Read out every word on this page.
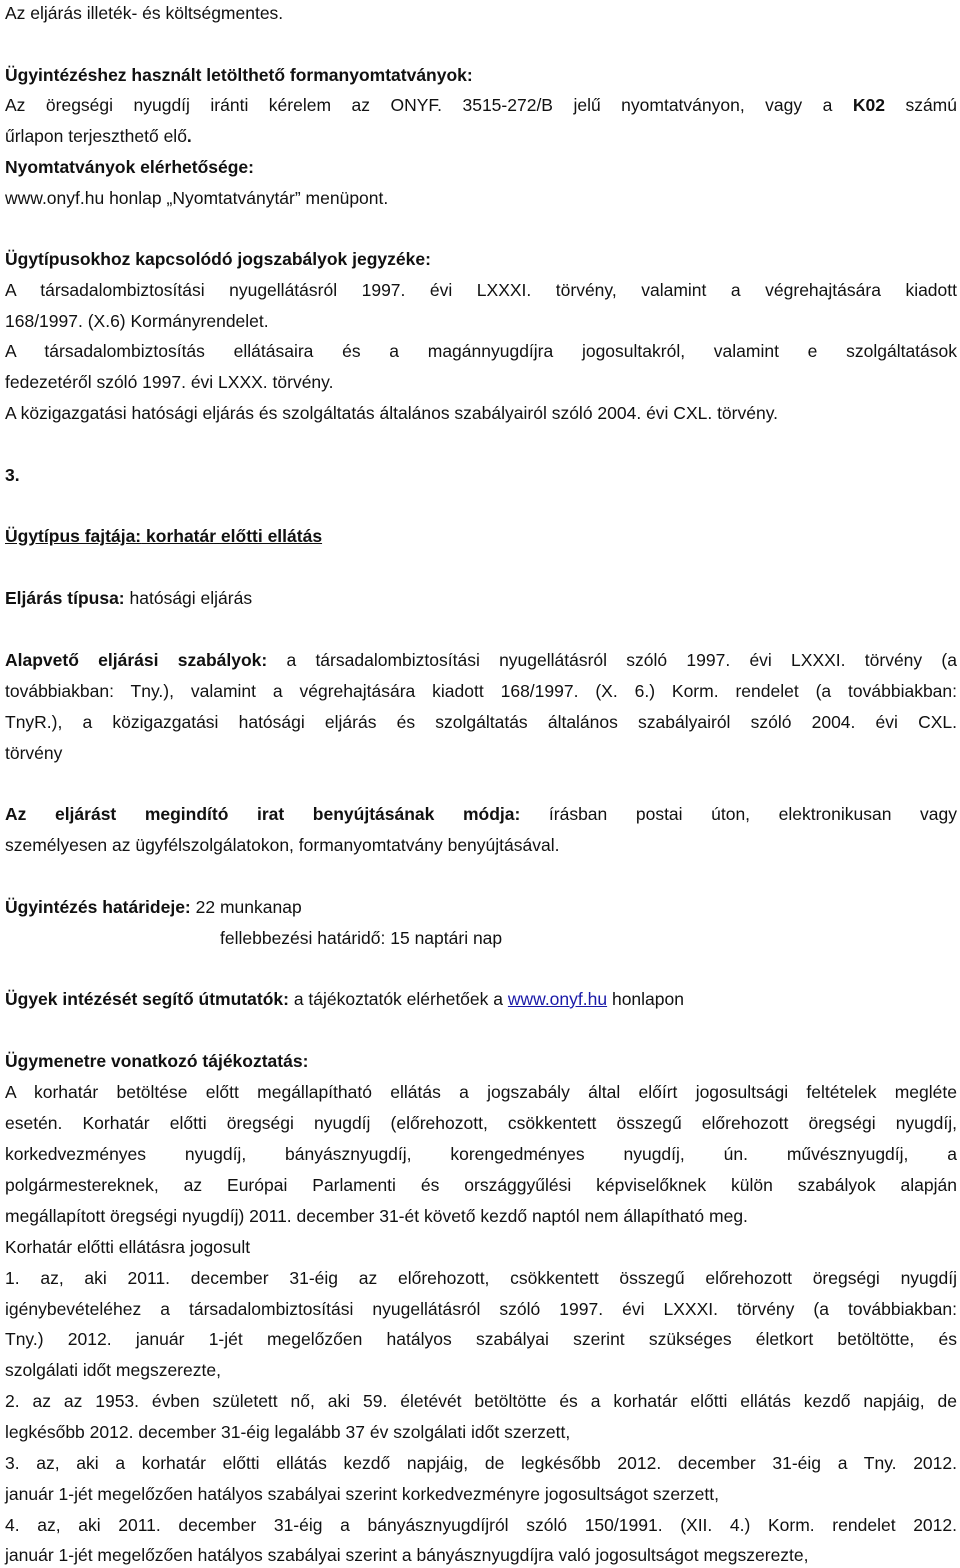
Az eljárás illeték- és költségmentes.
Ügyintézéshez használt letölthető formanyomtatványok:
Az öregségi nyugdíj iránti kérelem az ONYF. 3515-272/B jelű nyomtatványon, vagy a K02 számú
űrlapon terjeszthető elő.
Nyomtatványok elérhetősége:
www.onyf.hu honlap „Nyomtatványtár” menüpont.
Ügytípusokhoz kapcsolódó jogszabályok jegyzéke:
A társadalombiztosítási nyugellátásról 1997. évi LXXXI. törvény, valamint a végrehajtására kiadott
168/1997. (X.6) Kormányrendelet.
A társadalombiztosítás ellátásaira és a magánnyugdíjra jogosultakról, valamint e szolgáltatások
fedezetéről szóló 1997. évi LXXX. törvény.
A közigazgatási hatósági eljárás és szolgáltatás általános szabályairól szóló 2004. évi CXL. törvény.
3.
Ügytípus fajtája: korhatár előtti ellátás
Eljárás típusa: hatósági eljárás
Alapvető eljárási szabályok: a társadalombiztosítási nyugellátásról szóló 1997. évi LXXXI. törvény (a
továbbiakban: Tny.), valamint a végrehajtására kiadott 168/1997. (X. 6.) Korm. rendelet (a továbbiakban:
TnyR.), a közigazgatási hatósági eljárás és szolgáltatás általános szabályairól szóló 2004. évi CXL.
törvény
Az eljárást megindító irat benyújtásának módja: írásban postai úton, elektronikusan vagy
személyesen az ügyfélszolgálatokon, formanyomtatvány benyújtásával.
Ügyintézés határideje: 22 munkanap
fellebbezési határidő: 15 naptári nap
Ügyek intézését segítő útmutatók: a tájékoztatók elérhetőek a www.onyf.hu honlapon
Ügymenetre vonatkozó tájékoztatás:
A korhatár betöltése előtt megállapítható ellátás a jogszabály által előírt jogosultsági feltételek megléte
esetén. Korhatár előtti öregségi nyugdíj (előrehozott, csökkentett összegű előrehozott öregségi nyugdíj,
korkedvezményes nyugdíj, bányásznyugdíj, korengedményes nyugdíj, ún. művésznyugdíj, a
polgármestereknek, az Európai Parlamenti és országgyűlési képviselőknek külön szabályok alapján
megállapított öregségi nyugdíj) 2011. december 31-ét követő kezdő naptól nem állapítható meg.
Korhatár előtti ellátásra jogosult
1. az, aki 2011. december 31-éig az előrehozott, csökkentett összegű előrehozott öregségi nyugdíj
igénybevételéhez a társadalombiztosítási nyugellátásról szóló 1997. évi LXXXI. törvény (a továbbiakban:
Tny.) 2012. január 1-jét megelőzően hatályos szabályai szerint szükséges életkort betöltötte, és
szolgálati időt megszerezte,
2. az az 1953. évben született nő, aki 59. életévét betöltötte és a korhatár előtti ellátás kezdő napjáig, de
legkésőbb 2012. december 31-éig legalább 37 év szolgálati időt szerzett,
3. az, aki a korhatár előtti ellátás kezdő napjáig, de legkésőbb 2012. december 31-éig a Tny. 2012.
január 1-jét megelőzően hatályos szabályai szerint korkedvezményre jogosultságot szerzett,
4. az, aki 2011. december 31-éig a bányásznyugdíjról szóló 150/1991. (XII. 4.) Korm. rendelet 2012.
január 1-jét megelőzően hatályos szabályai szerint a bányásznyugdíjra való jogosultságot megszerezte,
